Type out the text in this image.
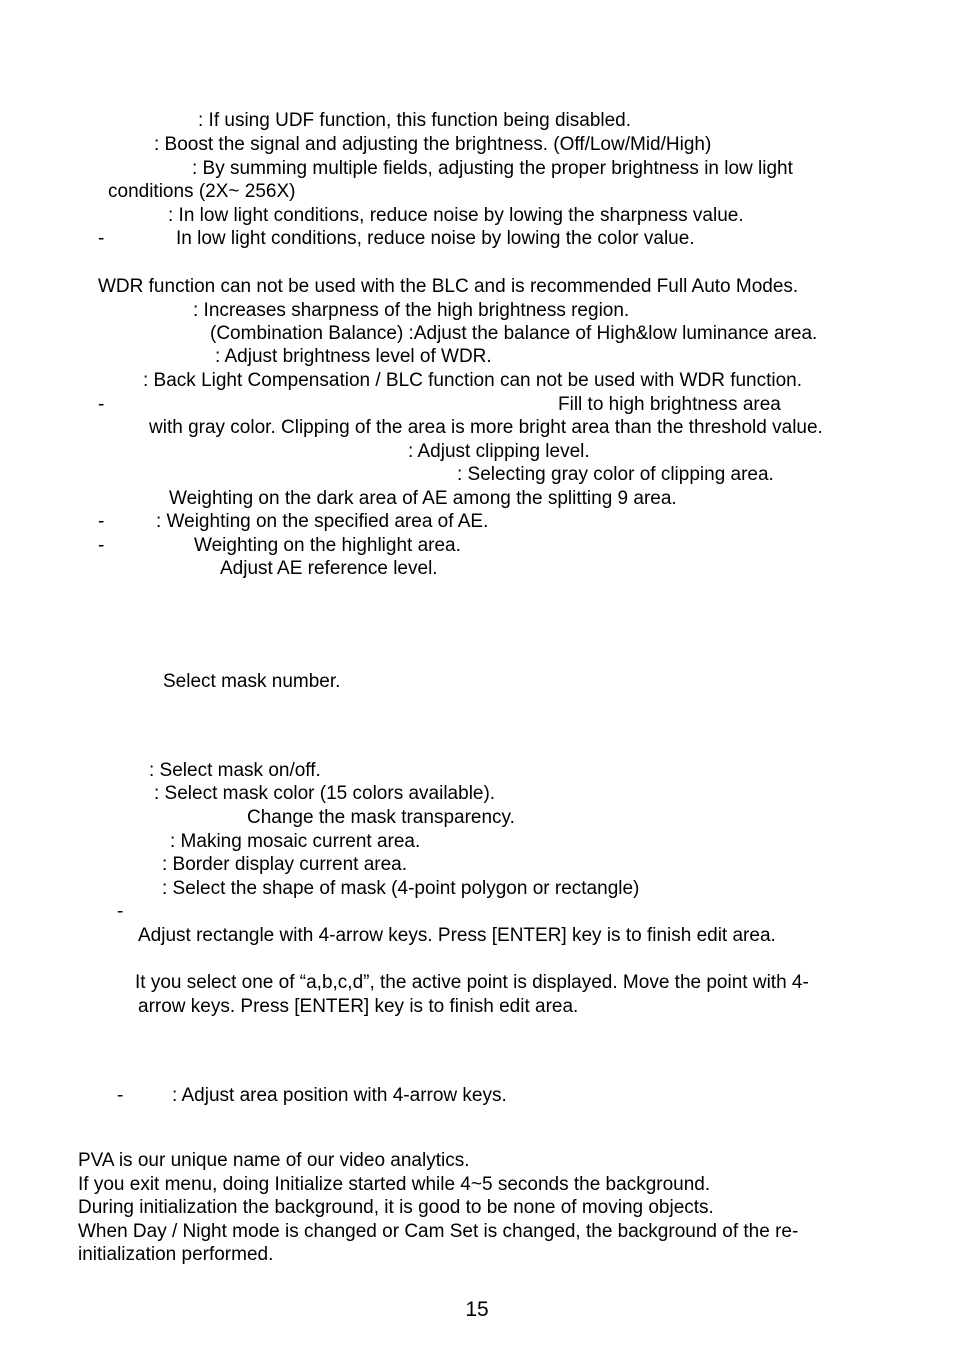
: If using UDF function, this function being disabled.
: Boost the signal and adjusting the brightness. (Off/Low/Mid/High)
: By summing multiple fields, adjusting the proper brightness in low light
conditions (2X~ 256X)
: In low light conditions, reduce noise by lowing the sharpness value.
-	In low light conditions, reduce noise by lowing the color value.
WDR function can not be used with the BLC and is recommended Full Auto Modes.
: Increases sharpness of the high brightness region.
(Combination Balance) :Adjust the balance of High&low luminance area.
: Adjust brightness level of WDR.
: Back Light Compensation / BLC function can not be used with WDR function.
-	Fill to high brightness area
with gray color. Clipping of the area is more bright area than the threshold value.
: Adjust clipping level.
: Selecting gray color of clipping area.
Weighting on the dark area of AE among the splitting 9 area.
-	: Weighting on the specified area of AE.
-	Weighting on the highlight area.
Adjust AE reference level.
Select mask number.
: Select mask on/off.
: Select mask color (15 colors available).
Change the mask transparency.
: Making mosaic current area.
: Border display current area.
: Select the shape of mask (4-point polygon or rectangle)
-
Adjust rectangle with 4-arrow keys. Press [ENTER] key is to finish edit area.
It you select one of “a,b,c,d”, the active point is displayed. Move the point with 4-
arrow keys. Press [ENTER] key is to finish edit area.
-	: Adjust area position with 4-arrow keys.
PVA is our unique name of our video analytics.
If you exit menu, doing Initialize started while 4~5 seconds the background.
During initialization the background, it is good to be none of moving objects.
When Day / Night mode is changed or Cam Set is changed, the background of the re-
initialization performed.
15
